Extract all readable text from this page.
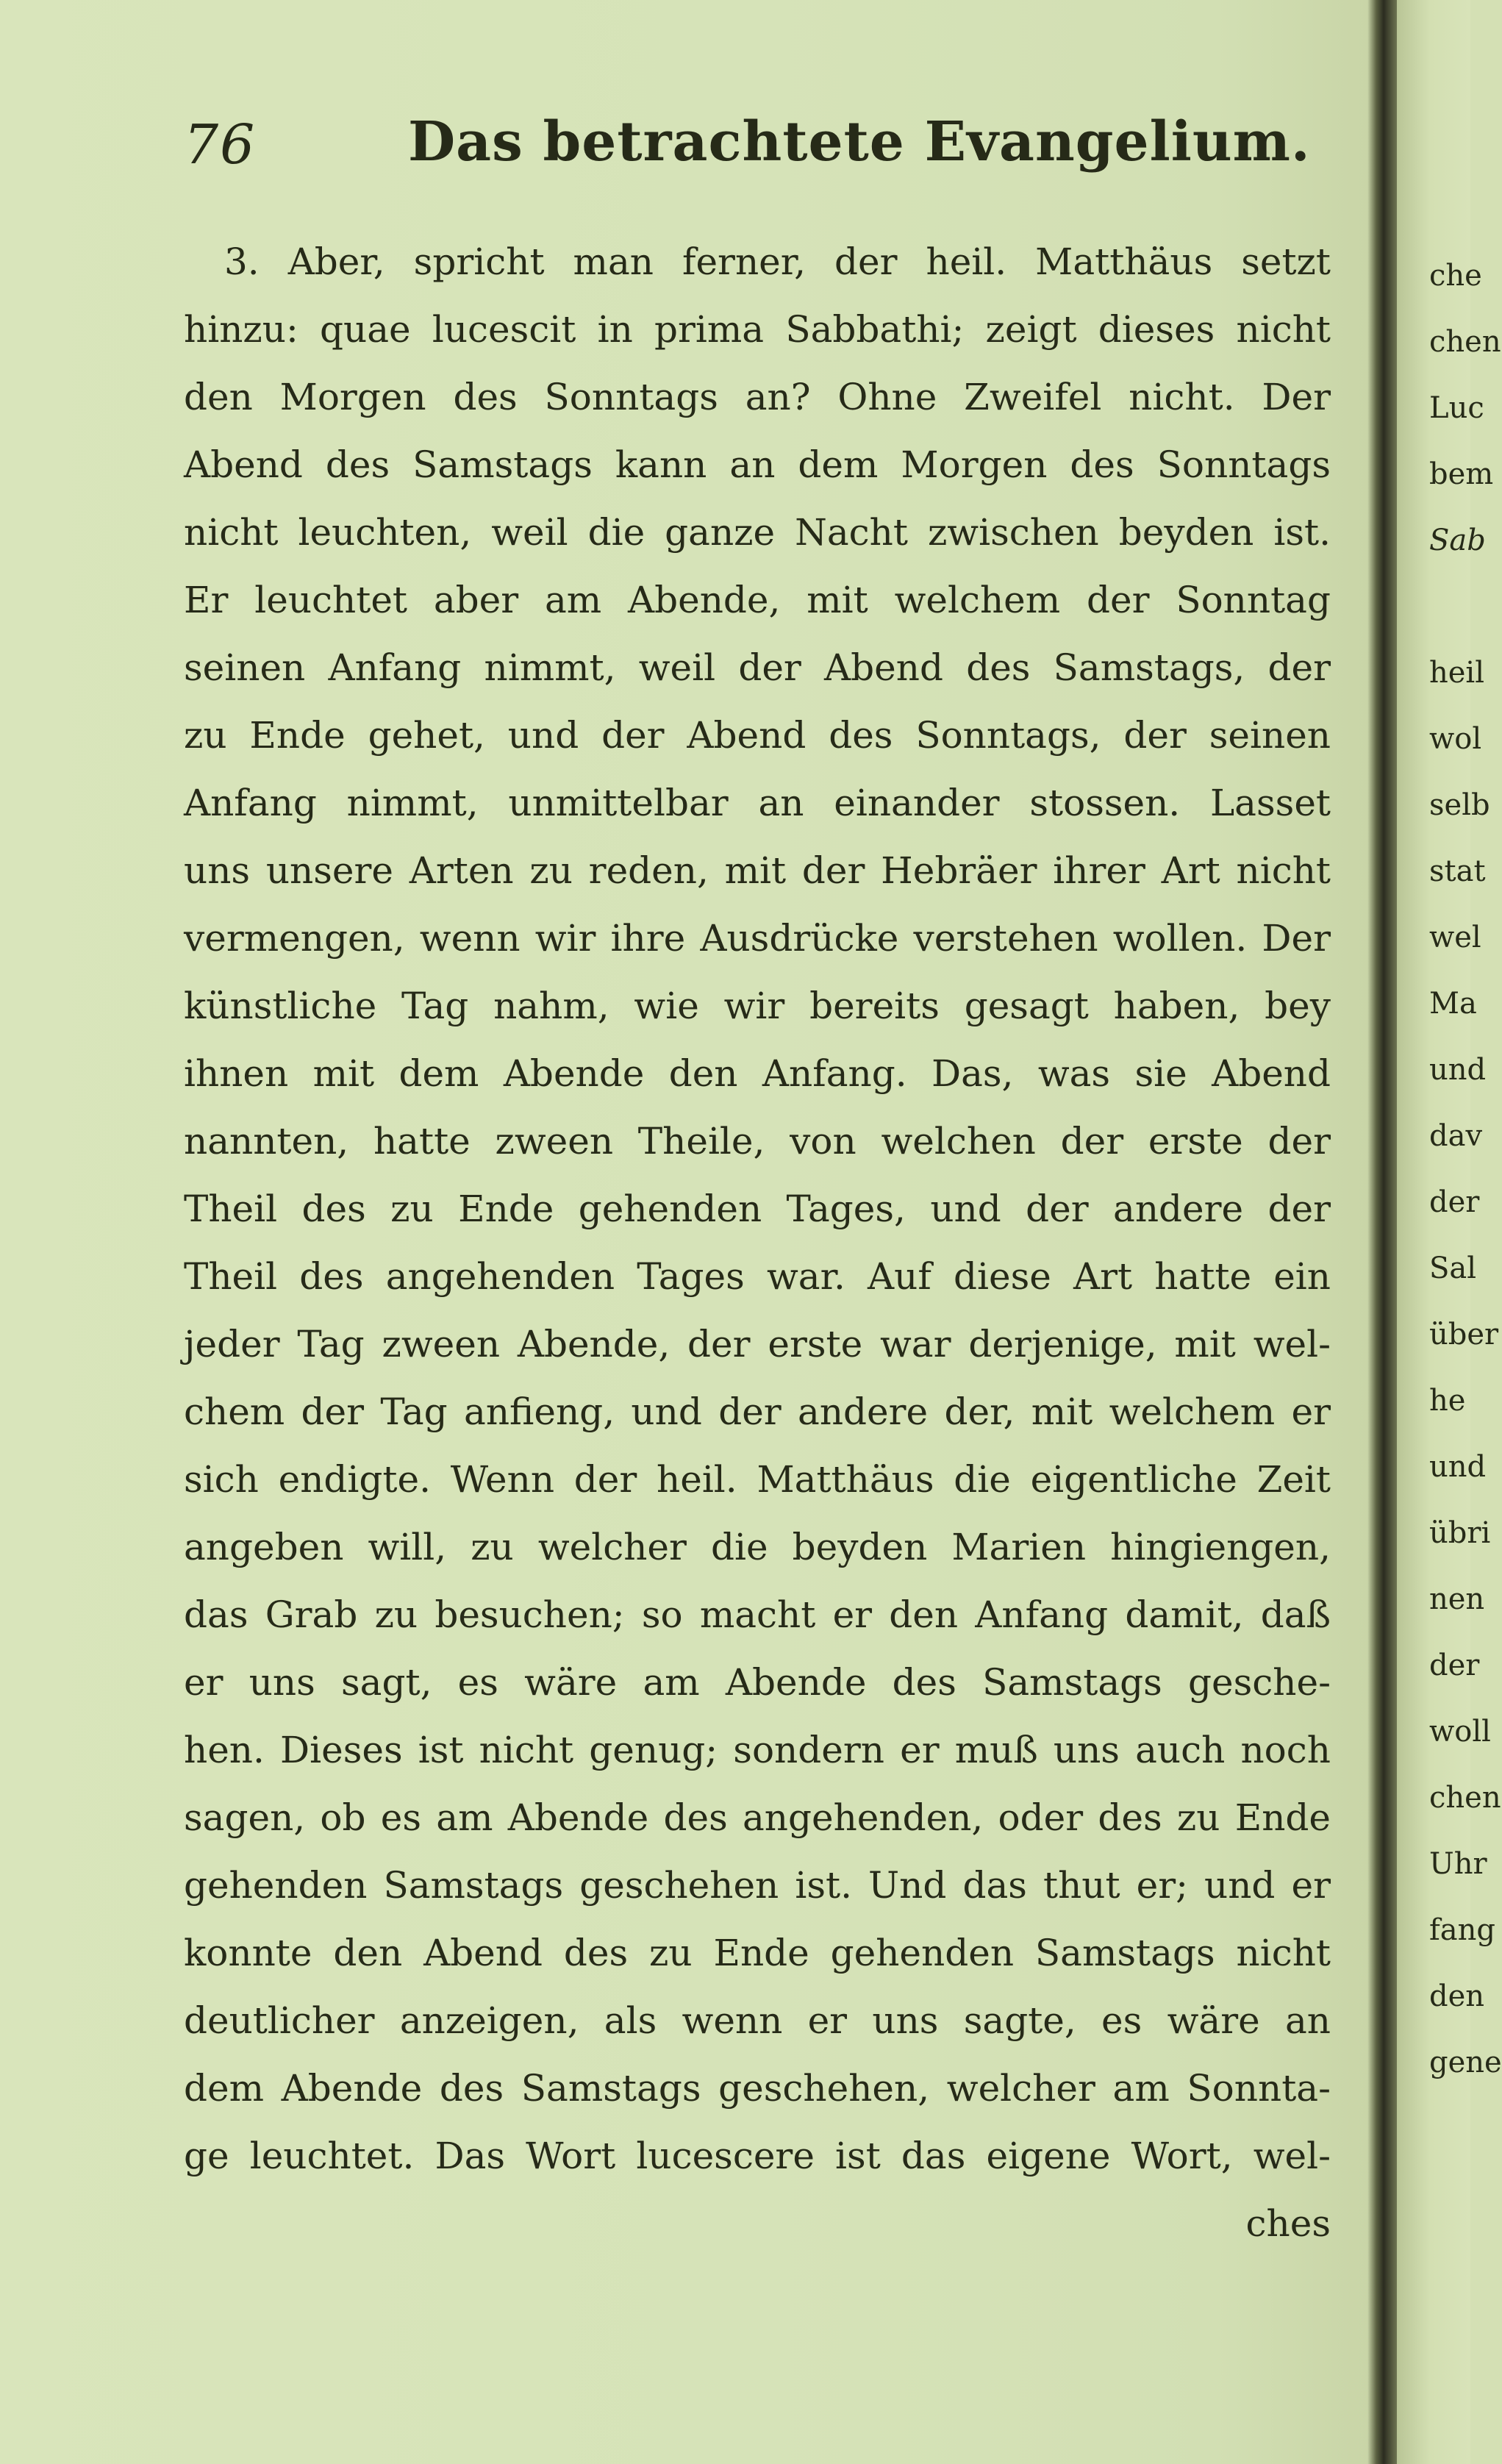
76	Das betrachtete Evangelium.
3. Aber, spricht man ferner, der heil. Matthäus setzt
hinzu: quae lucescit in prima Sabbathi; zeigt dieses nicht
den Morgen des Sonntags an? Ohne Zweifel nicht. Der
Abend des Samstags kann an dem Morgen des Sonntags
nicht leuchten, weil die ganze Nacht zwischen beyden ist.
Er leuchtet aber am Abende, mit welchem der Sonntag
seinen Anfang nimmt, weil der Abend des Samstags, der
zu Ende gehet, und der Abend des Sonntags, der seinen
Anfang nimmt, unmittelbar an einander stossen. Lasset
uns unsere Arten zu reden, mit der Hebräer ihrer Art nicht
vermengen, wenn wir ihre Ausdrücke verstehen wollen. Der
künstliche Tag nahm, wie wir bereits gesagt haben, bey
ihnen mit dem Abende den Anfang. Das, was sie Abend
nannten, hatte zween Theile, von welchen der erste der
Theil des zu Ende gehenden Tages, und der andere der
Theil des angehenden Tages war. Auf diese Art hatte ein
jeder Tag zween Abende, der erste war derjenige, mit wel-
chem der Tag anfieng, und der andere der, mit welchem er
sich endigte. Wenn der heil. Matthäus die eigentliche Zeit
angeben will, zu welcher die beyden Marien hingiengen,
das Grab zu besuchen; so macht er den Anfang damit, daß
er uns sagt, es wäre am Abende des Samstags gesche-
hen. Dieses ist nicht genug; sondern er muß uns auch noch
sagen, ob es am Abende des angehenden, oder des zu Ende
gehenden Samstags geschehen ist. Und das thut er; und er
konnte den Abend des zu Ende gehenden Samstags nicht
deutlicher anzeigen, als wenn er uns sagte, es wäre an
dem Abende des Samstags geschehen, welcher am Sonnta-
ge leuchtet. Das Wort lucescere ist das eigene Wort, wel-
ches
che
chen
Luc
bem
Sab
heil
wol
selb
stat
wel
Ma
und
dav
der
Sal
über
he
und
übri
nen
der
woll
chen
Uhr
fang
den
gene
